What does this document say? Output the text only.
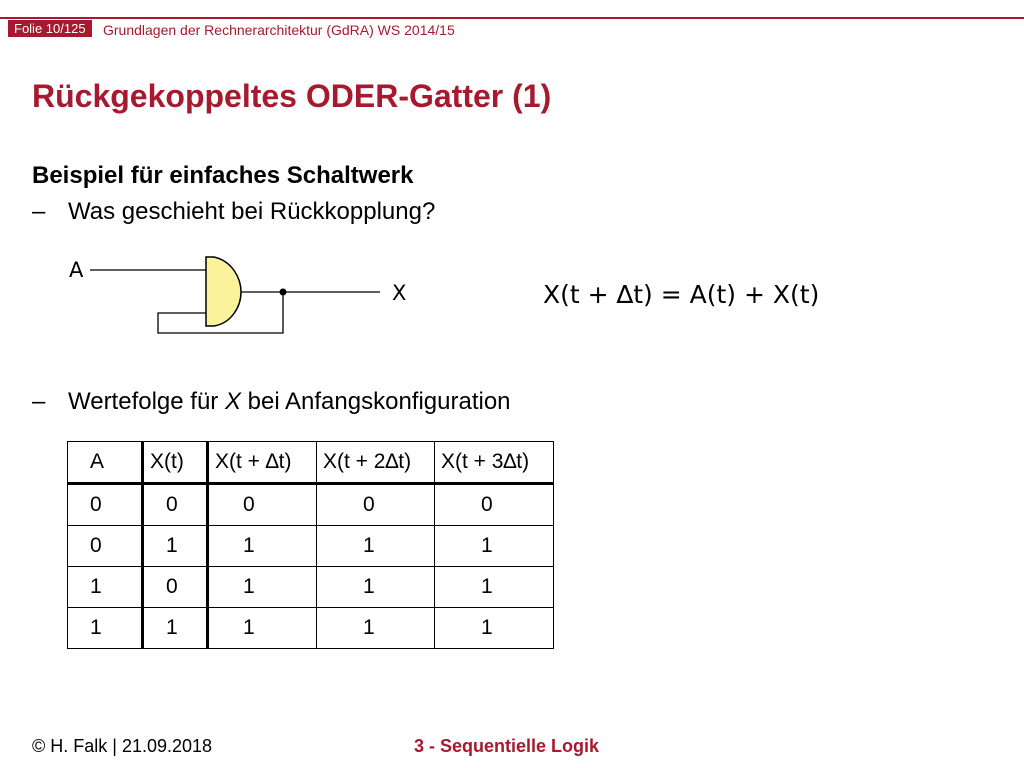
Folie 10/125	Grundlagen der Rechnerarchitektur (GdRA) WS 2014/15
Rückgekoppeltes ODER-Gatter (1)
Beispiel für einfaches Schaltwerk
– Was geschieht bei Rückkopplung?
A
X	X(t + ∆t) = A(t) + X(t)
– Wertefolge für X bei Anfangskonfiguration
A	X(t)	X(t + ∆t)	X(t + 2∆t)	X(t + 3∆t)
0	0	0	0	0
0	1	1	1	1
1	0	1	1	1
1	1	1	1	1
© H. Falk | 21.09.2018	3 - Sequentielle Logik
